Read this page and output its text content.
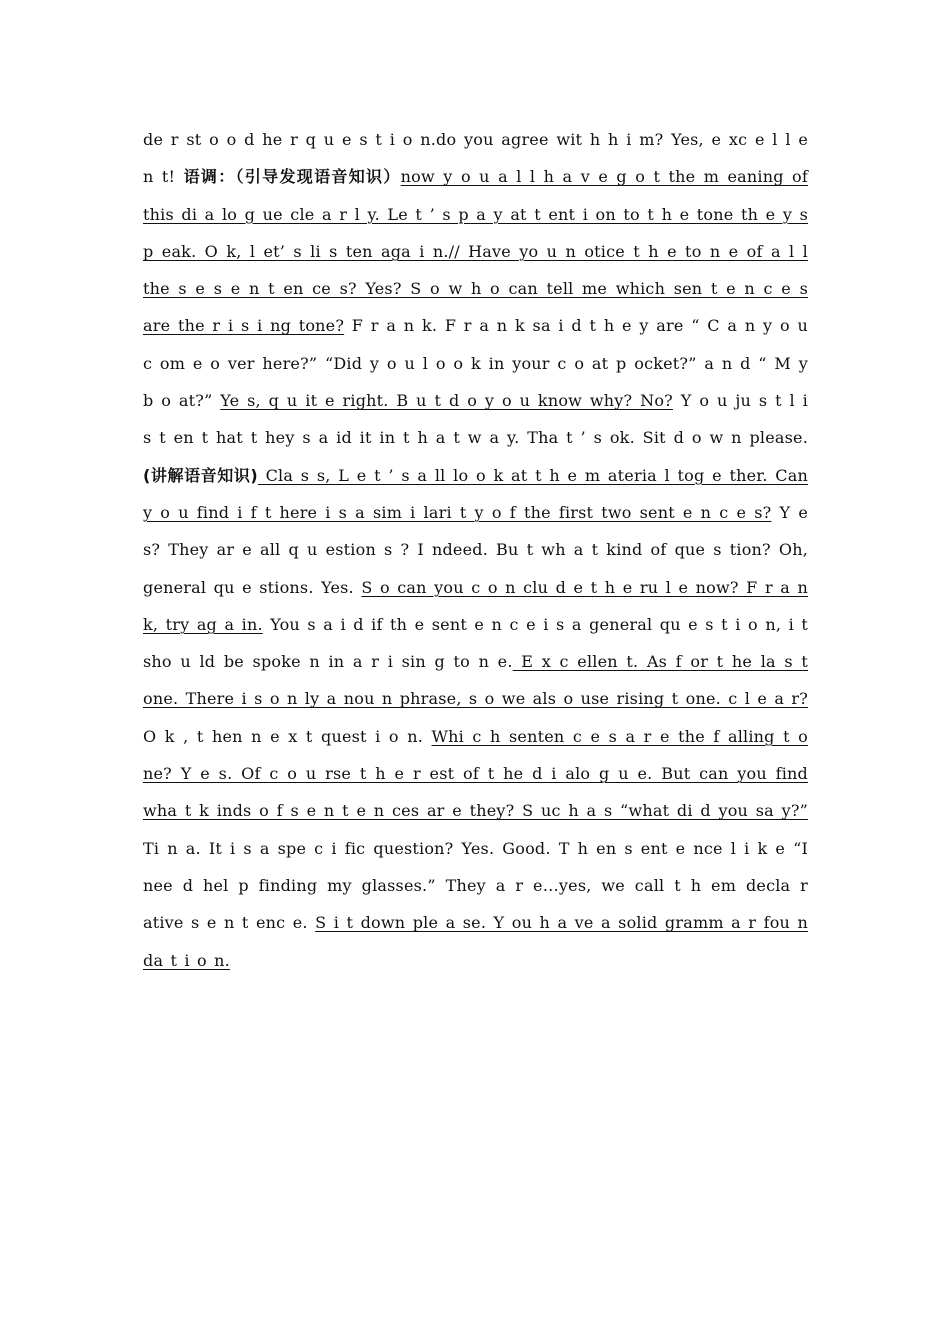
de r st o o d he r q u e s t i o n.do you agree wit h h i m? Yes, e xc e l l e n t! 语调：（引导发现语音知识）now y o u a l l h a v e g o t the m eaning of this di a lo g ue cle a r l y. Le t ’ s p a y at t ent i on to t h e tone th e y s p eak. O k, l et’ s li s ten aga i n.// Have yo u n otice t h e to n e of a l l the s e s e n t en ce s? Yes? S o w h o can tell me which sen t e n c e s are the r i s i ng tone? F r a n k. F r a n k sa i d t h e y are “ C a n y o u c om e o ver here?” “Did y o u l o o k in your c o at p ocket?” a n d “ M y b o at?” Ye s, q u it e right. B u t d o y o u know why? No? Y o u ju s t l i s t en t hat t hey s a id it in t h a t w a y. Tha t ’ s ok. Sit d o w n please. (讲解语音知识) Cla s s, L e t ’ s a ll lo o k at t h e m ateria l tog e ther. Can y o u find i f t here i s a sim i lari t y o f the first two sent e n c e s? Y e s? They ar e all q u estion s ? I ndeed. Bu t wh a t kind of que s tion? Oh, general qu e stions. Yes. S o can you c o n clu d e t h e ru l e now? F r a n k, try ag a in. You s a i d if th e sent e n c e i s a general qu e s t i o n, i t sho u ld be spoke n in a r i sin g to n e. E x c ellen t. As f or t he la s t one. There i s o n ly a nou n phrase, s o we als o use rising t one. c l e a r?O k , t hen n e x t quest i o n. Whi c h senten c e s a r e the f alling t o ne? Y e s. Of c o u rse t h e r est of t he d i alo g u e. But can you find wha t k inds o f s e n t e n ces ar e they? S uc h a s “what di d you sa y?” Ti n a. It i s a spe c i fic question? Yes. Good. T h en s ent e nce l i k e “I nee d hel p finding my glasses.” They a r e…yes, we call t h em decla r ative s e n t enc e. S i t down ple a se. Y ou h a ve a solid gramm a r fou n da t i o n.
